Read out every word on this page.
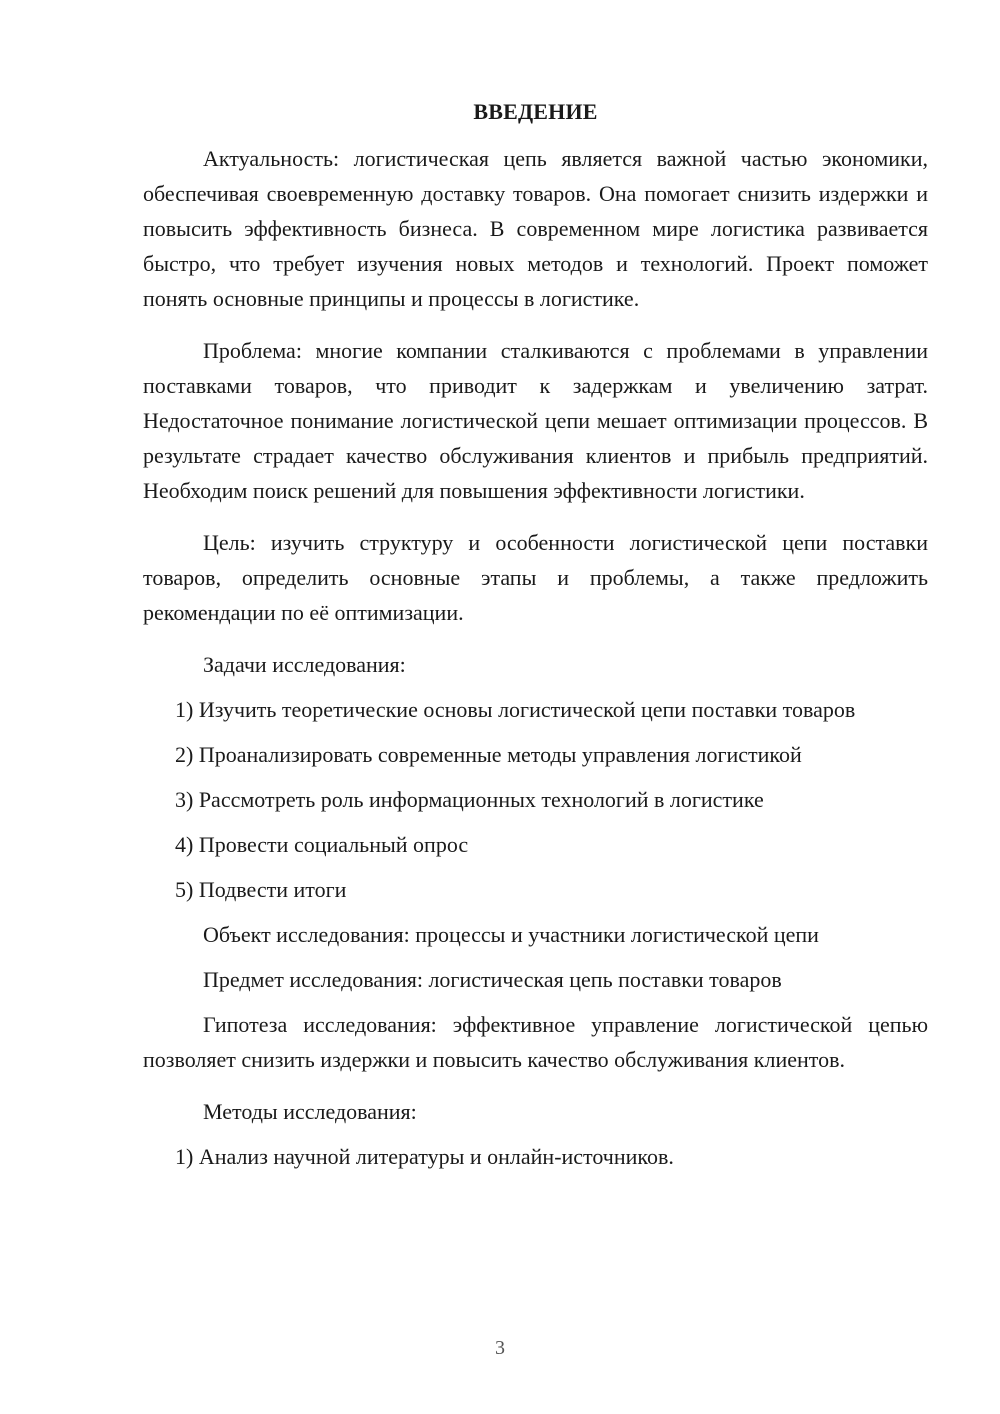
ВВЕДЕНИЕ

Актуальность: логистическая цепь является важной частью экономики, обеспечивая своевременную доставку товаров. Она помогает снизить издержки и повысить эффективность бизнеса. В современном мире логистика развивается быстро, что требует изучения новых методов и технологий. Проект поможет понять основные принципы и процессы в логистике.

Проблема: многие компании сталкиваются с проблемами в управлении поставками товаров, что приводит к задержкам и увеличению затрат. Недостаточное понимание логистической цепи мешает оптимизации процессов. В результате страдает качество обслуживания клиентов и прибыль предприятий. Необходим поиск решений для повышения эффективности логистики.

Цель: изучить структуру и особенности логистической цепи поставки товаров, определить основные этапы и проблемы, а также предложить рекомендации по её оптимизации.

Задачи исследования:

1) Изучить теоретические основы логистической цепи поставки товаров

2) Проанализировать современные методы управления логистикой

3) Рассмотреть роль информационных технологий в логистике

4) Провести социальный опрос

5) Подвести итоги

Объект исследования: процессы и участники логистической цепи

Предмет исследования: логистическая цепь поставки товаров

Гипотеза исследования: эффективное управление логистической цепью позволяет снизить издержки и повысить качество обслуживания клиентов.

Методы исследования:

1) Анализ научной литературы и онлайн-источников.

3
